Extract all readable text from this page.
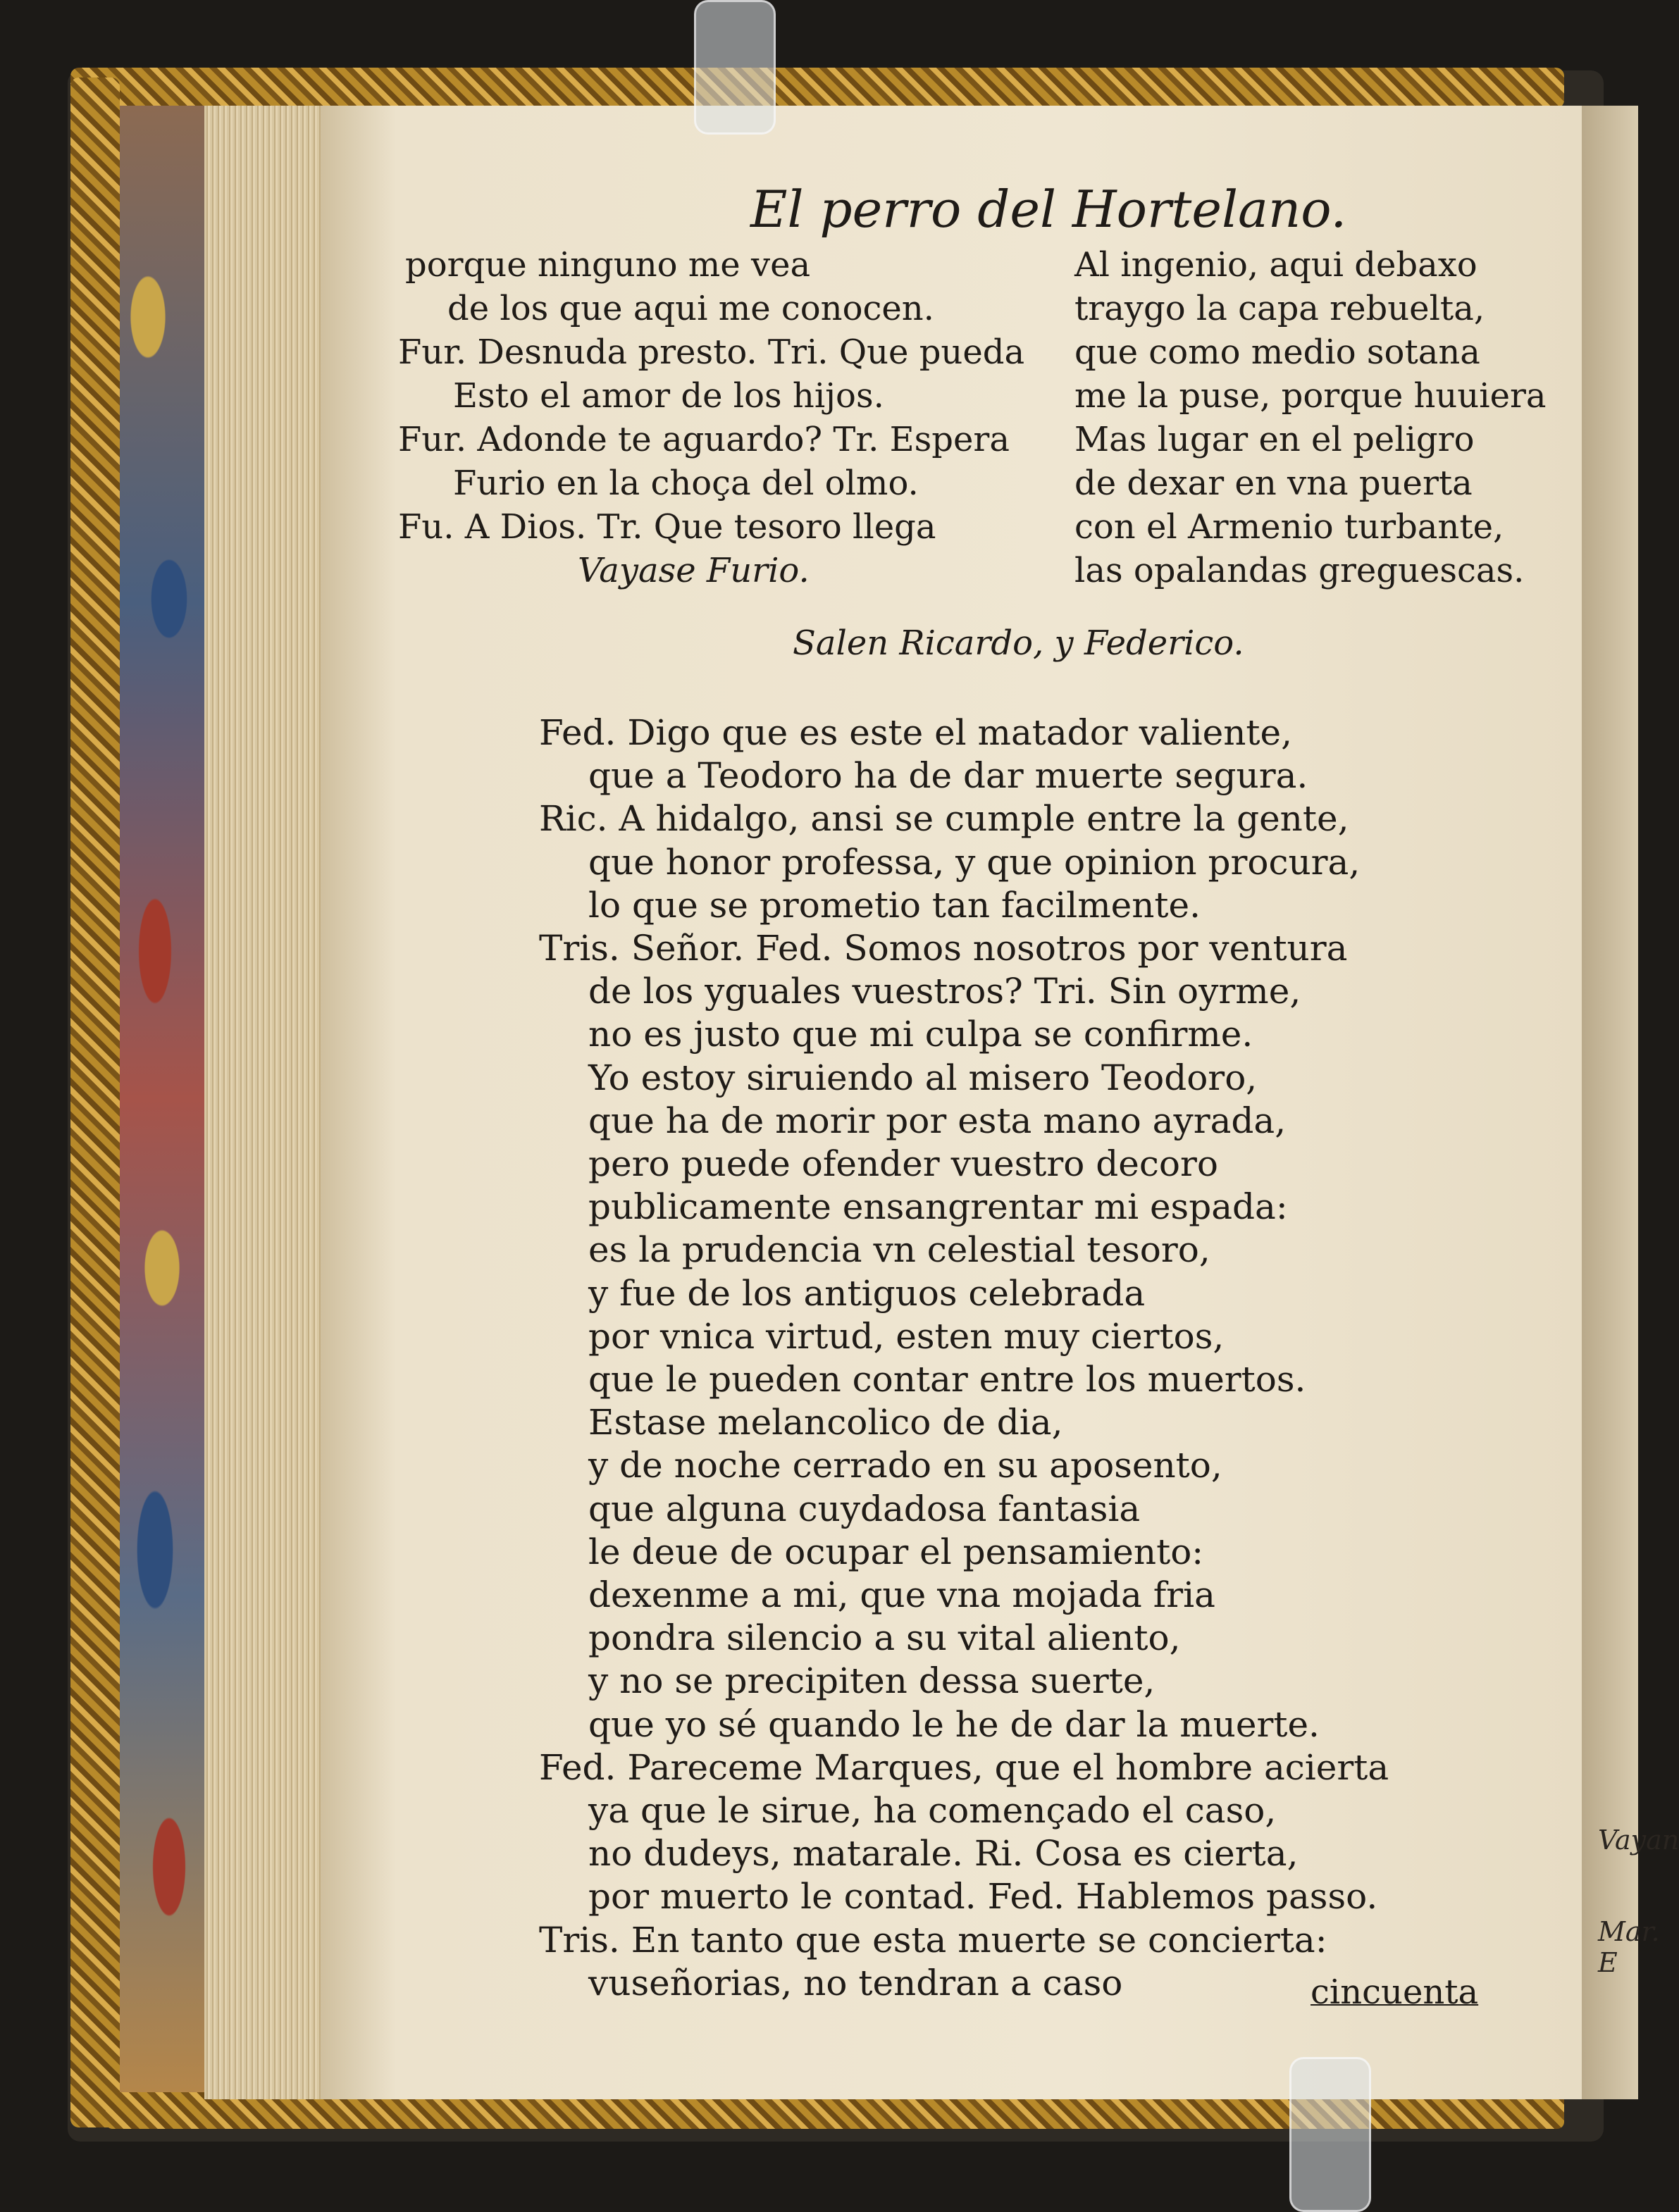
Vayan
Mar. E
El perro del Hortelano.
porque ninguno me vea
de los que aqui me conocen.
Fur. Desnuda presto. Tri. Que pueda
Esto el amor de los hijos.
Fur. Adonde te aguardo? Tr. Espera
Furio en la choça del olmo.
Fu. A Dios. Tr. Que tesoro llega
Vayase Furio.
Al ingenio, aqui debaxo
traygo la capa rebuelta,
que como medio sotana
me la puse, porque huuiera
Mas lugar en el peligro
de dexar en vna puerta
con el Armenio turbante,
las opalandas greguescas.
Salen Ricardo, y Federico.
Fed. Digo que es este el matador valiente,
que a Teodoro ha de dar muerte segura.
Ric. A hidalgo, ansi se cumple entre la gente,
que honor professa, y que opinion procura,
lo que se prometio tan facilmente.
Tris. Señor. Fed. Somos nosotros por ventura
de los yguales vuestros? Tri. Sin oyrme,
no es justo que mi culpa se confirme.
Yo estoy siruiendo al misero Teodoro,
que ha de morir por esta mano ayrada,
pero puede ofender vuestro decoro
publicamente ensangrentar mi espada:
es la prudencia vn celestial tesoro,
y fue de los antiguos celebrada
por vnica virtud, esten muy ciertos,
que le pueden contar entre los muertos.
Estase melancolico de dia,
y de noche cerrado en su aposento,
que alguna cuydadosa fantasia
le deue de ocupar el pensamiento:
dexenme a mi, que vna mojada fria
pondra silencio a su vital aliento,
y no se precipiten dessa suerte,
que yo sé quando le he de dar la muerte.
Fed. Pareceme Marques, que el hombre acierta
ya que le sirue, ha començado el caso,
no dudeys, matarale. Ri. Cosa es cierta,
por muerto le contad. Fed. Hablemos passo.
Tris. En tanto que esta muerte se concierta:
vuseñorias, no tendran a caso	cincuenta
